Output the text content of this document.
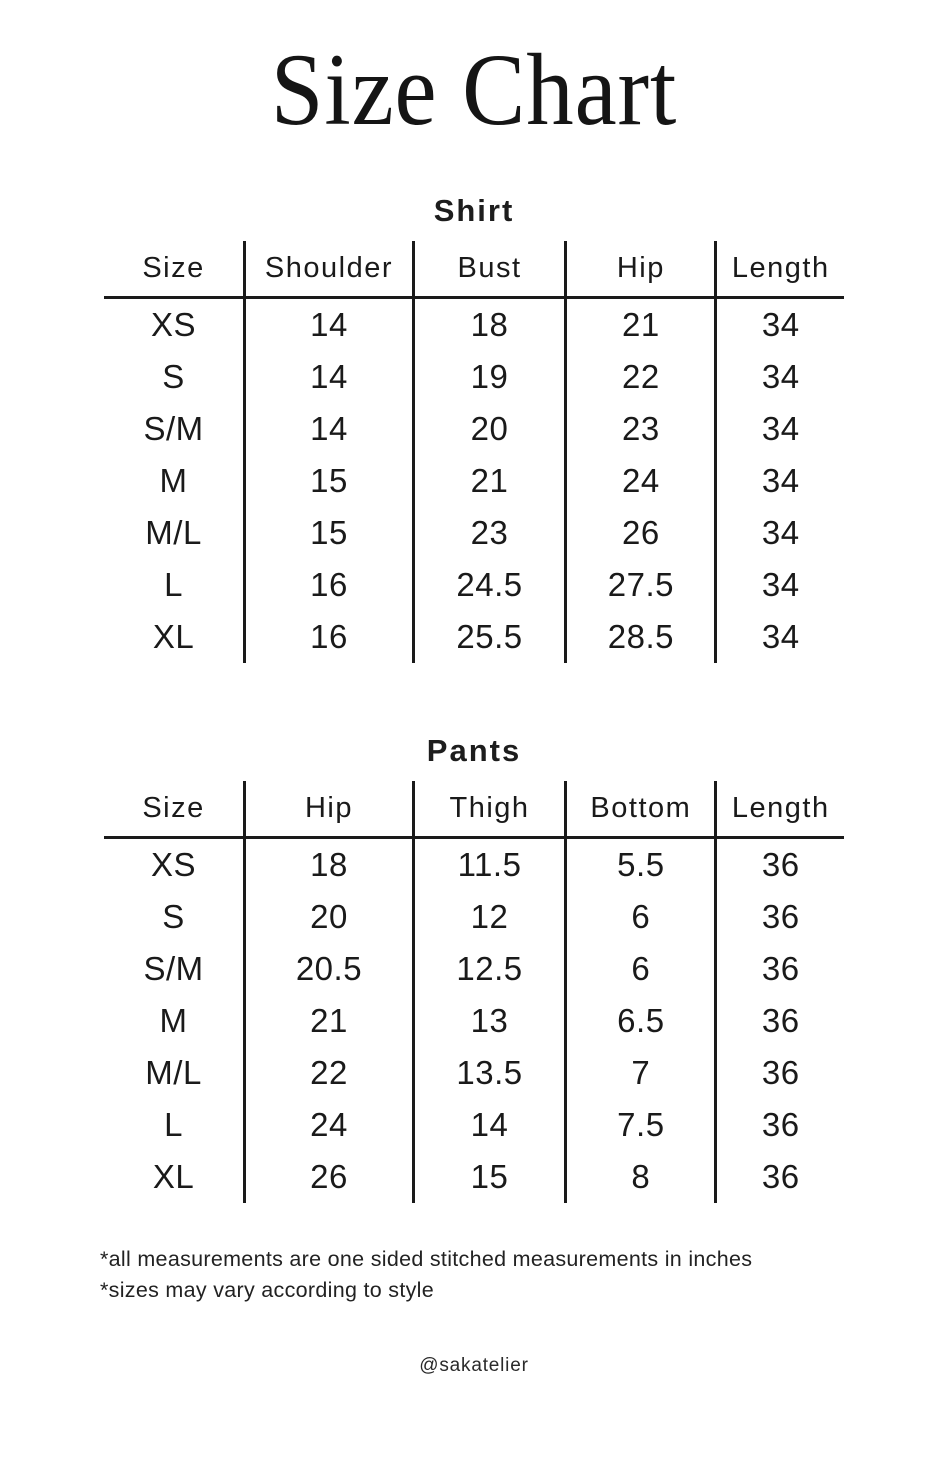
Size Chart
Shirt
Size	Shoulder	Bust	Hip	Length
XS	14	18	21	34
S	14	19	22	34
S/M	14	20	23	34
M	15	21	24	34
M/L	15	23	26	34
L	16	24.5	27.5	34
XL	16	25.5	28.5	34
Pants
Size	Hip	Thigh	Bottom	Length
XS	18	11.5	5.5	36
S	20	12	6	36
S/M	20.5	12.5	6	36
M	21	13	6.5	36
M/L	22	13.5	7	36
L	24	14	7.5	36
XL	26	15	8	36

*all measurements are one sided stitched measurements in inches

*sizes may vary according to style

@sakatelier
